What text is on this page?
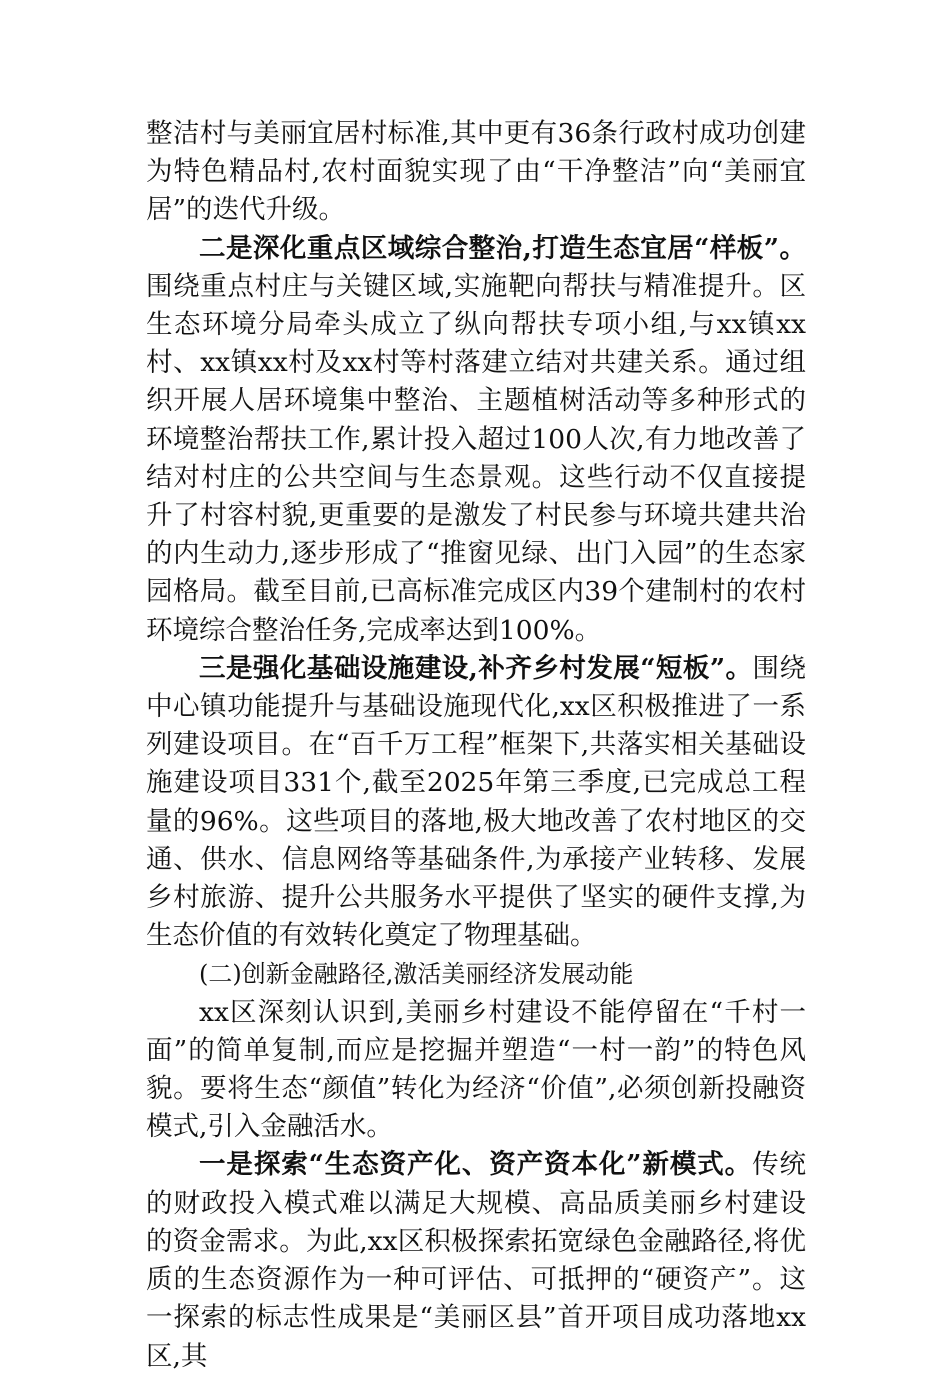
整洁村与美丽宜居村标准,其中更有36条行政村成功创建为特色精品村,农村面貌实现了由“干净整洁”向“美丽宜居”的迭代升级。

二是深化重点区域综合整治,打造生态宜居“样板”。围绕重点村庄与关键区域,实施靶向帮扶与精准提升。区生态环境分局牵头成立了纵向帮扶专项小组,与xx镇xx村、xx镇xx村及xx村等村落建立结对共建关系。通过组织开展人居环境集中整治、主题植树活动等多种形式的环境整治帮扶工作,累计投入超过100人次,有力地改善了结对村庄的公共空间与生态景观。这些行动不仅直接提升了村容村貌,更重要的是激发了村民参与环境共建共治的内生动力,逐步形成了“推窗见绿、出门入园”的生态家园格局。截至目前,已高标准完成区内39个建制村的农村环境综合整治任务,完成率达到100%。

三是强化基础设施建设,补齐乡村发展“短板”。围绕中心镇功能提升与基础设施现代化,xx区积极推进了一系列建设项目。在“百千万工程”框架下,共落实相关基础设施建设项目331个,截至2025年第三季度,已完成总工程量的96%。这些项目的落地,极大地改善了农村地区的交通、供水、信息网络等基础条件,为承接产业转移、发展乡村旅游、提升公共服务水平提供了坚实的硬件支撑,为生态价值的有效转化奠定了物理基础。

(二)创新金融路径,激活美丽经济发展动能

xx区深刻认识到,美丽乡村建设不能停留在“千村一面”的简单复制,而应是挖掘并塑造“一村一韵”的特色风貌。要将生态“颜值”转化为经济“价值”,必须创新投融资模式,引入金融活水。

一是探索“生态资产化、资产资本化”新模式。传统的财政投入模式难以满足大规模、高品质美丽乡村建设的资金需求。为此,xx区积极探索拓宽绿色金融路径,将优质的生态资源作为一种可评估、可抵押的“硬资产”。这一探索的标志性成果是“美丽区县”首开项目成功落地xx区,其
